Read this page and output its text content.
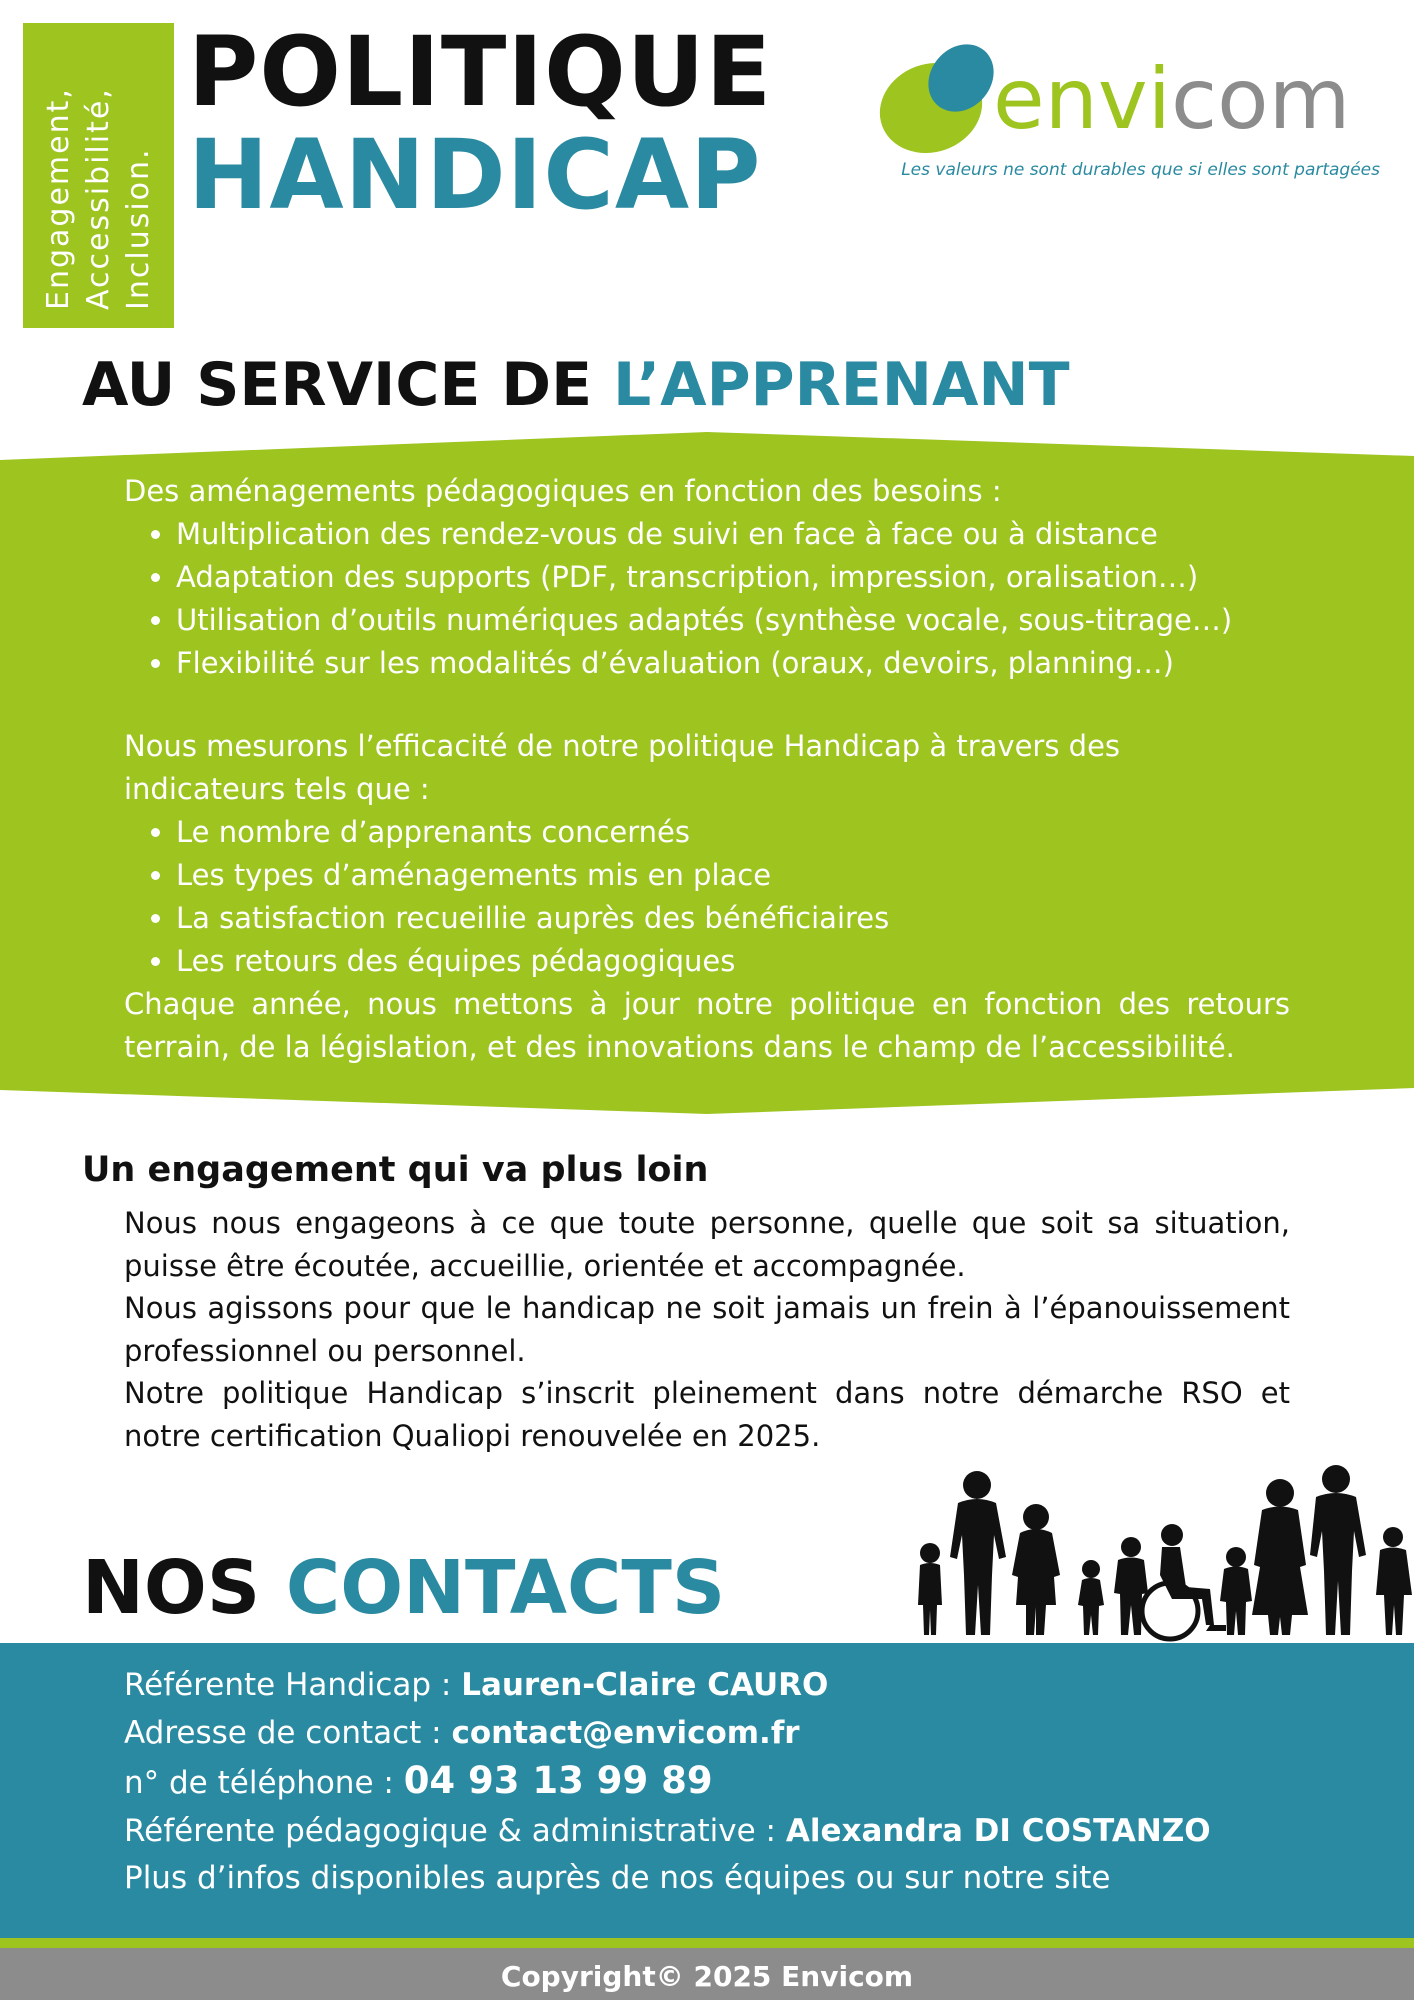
Engagement, Accessibilité, Inclusion.
POLITIQUE
HANDICAP
envi com
Les valeurs ne sont durables que si elles sont partagées
AU SERVICE DE L’APPRENANT

Des aménagements pédagogiques en fonction des besoins :

• Multiplication des rendez-vous de suivi en face à face ou à distance
• Adaptation des supports (PDF, transcription, impression, oralisation…)
• Utilisation d’outils numériques adaptés (synthèse vocale, sous-titrage…)
• Flexibilité sur les modalités d’évaluation (oraux, devoirs, planning…)

Nous mesurons l’efficacité de notre politique Handicap à travers des indicateurs tels que :

• Le nombre d’apprenants concernés
• Les types d’aménagements mis en place
• La satisfaction recueillie auprès des bénéficiaires
• Les retours des équipes pédagogiques

Chaque année, nous mettons à jour notre politique en fonction des retours terrain, de la législation, et des innovations dans le champ de l’accessibilité.

Un engagement qui va plus loin

Nous nous engageons à ce que toute personne, quelle que soit sa situation, puisse être écoutée, accueillie, orientée et accompagnée.

Nous agissons pour que le handicap ne soit jamais un frein à l’épanouissement professionnel ou personnel.

Notre politique Handicap s’inscrit pleinement dans notre démarche RSO et notre certification Qualiopi renouvelée en 2025.

NOS CONTACTS

Référente Handicap : Lauren-Claire CAURO

Adresse de contact : contact@envicom.fr

n° de téléphone : 04 93 13 99 89

Référente pédagogique & administrative : Alexandra DI COSTANZO

Plus d’infos disponibles auprès de nos équipes ou sur notre site

Copyright© 2025 Envicom
